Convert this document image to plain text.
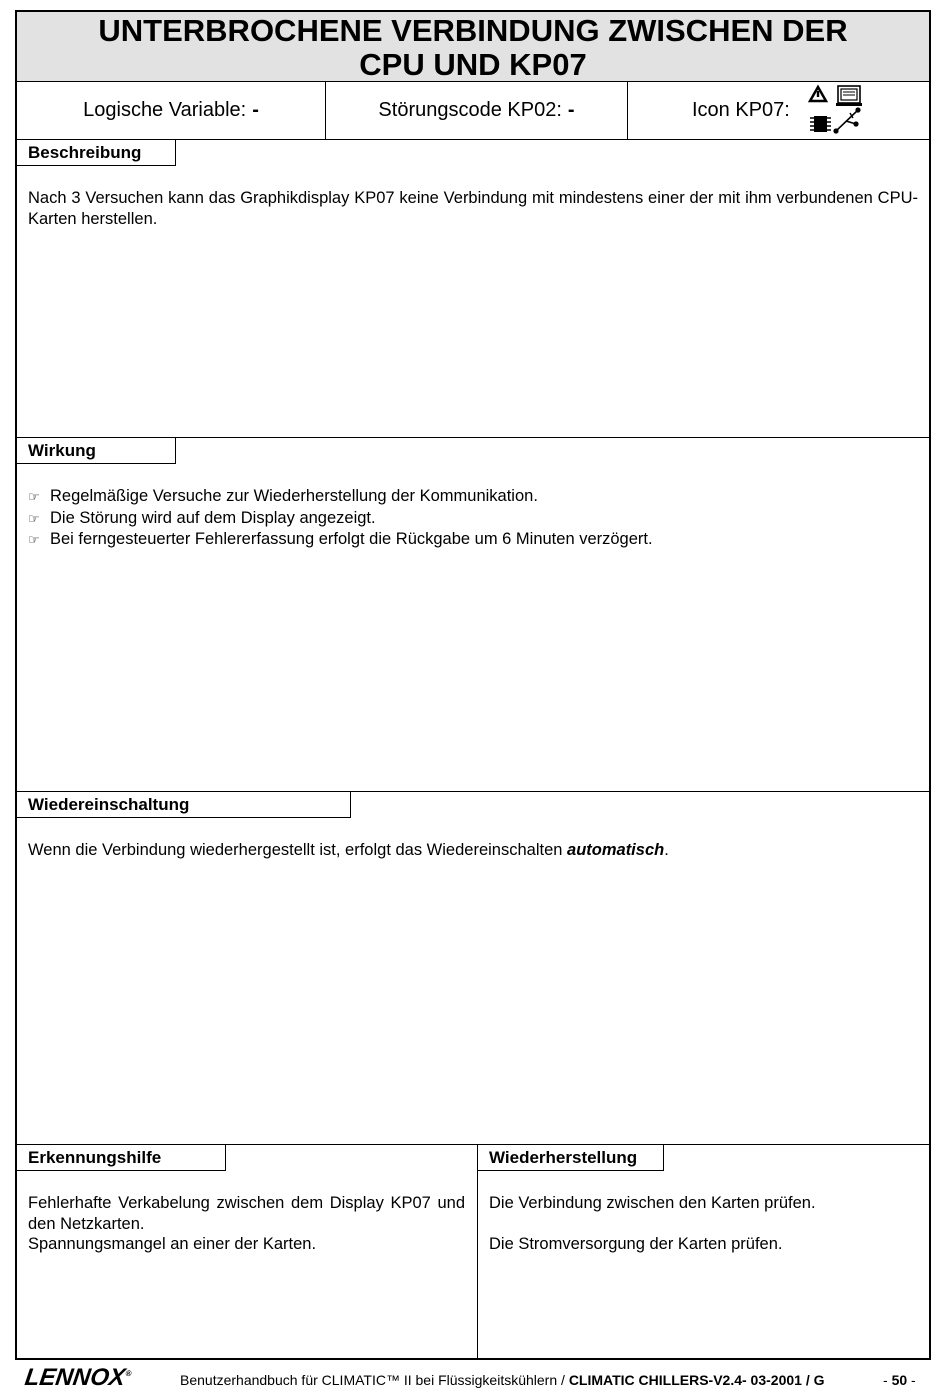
UNTERBROCHENE VERBINDUNG ZWISCHEN DER
CPU UND KP07
Logische Variable: -	Störungscode KP02: -	Icon KP07:
Beschreibung
Nach 3 Versuchen kann das Graphikdisplay KP07 keine Verbindung mit mindestens einer der mit ihm verbundenen CPU-Karten herstellen.
Wirkung
☞ Regelmäßige Versuche zur Wiederherstellung der Kommunikation.
☞ Die Störung wird auf dem Display angezeigt.
☞ Bei ferngesteuerter Fehlererfassung erfolgt die Rückgabe um 6 Minuten verzögert.
Wiedereinschaltung
Wenn die Verbindung wiederhergestellt ist, erfolgt das Wiedereinschalten automatisch.
Erkennungshilfe
Fehlerhafte Verkabelung zwischen dem Display KP07 und den Netzkarten.
Spannungsmangel an einer der Karten.
Wiederherstellung
Die Verbindung zwischen den Karten prüfen.
Die Stromversorgung der Karten prüfen.
LENNOX®	Benutzerhandbuch für CLIMATIC™ II bei Flüssigkeitskühlern / CLIMATIC CHILLERS-V2.4- 03-2001 / G	- 50 -
